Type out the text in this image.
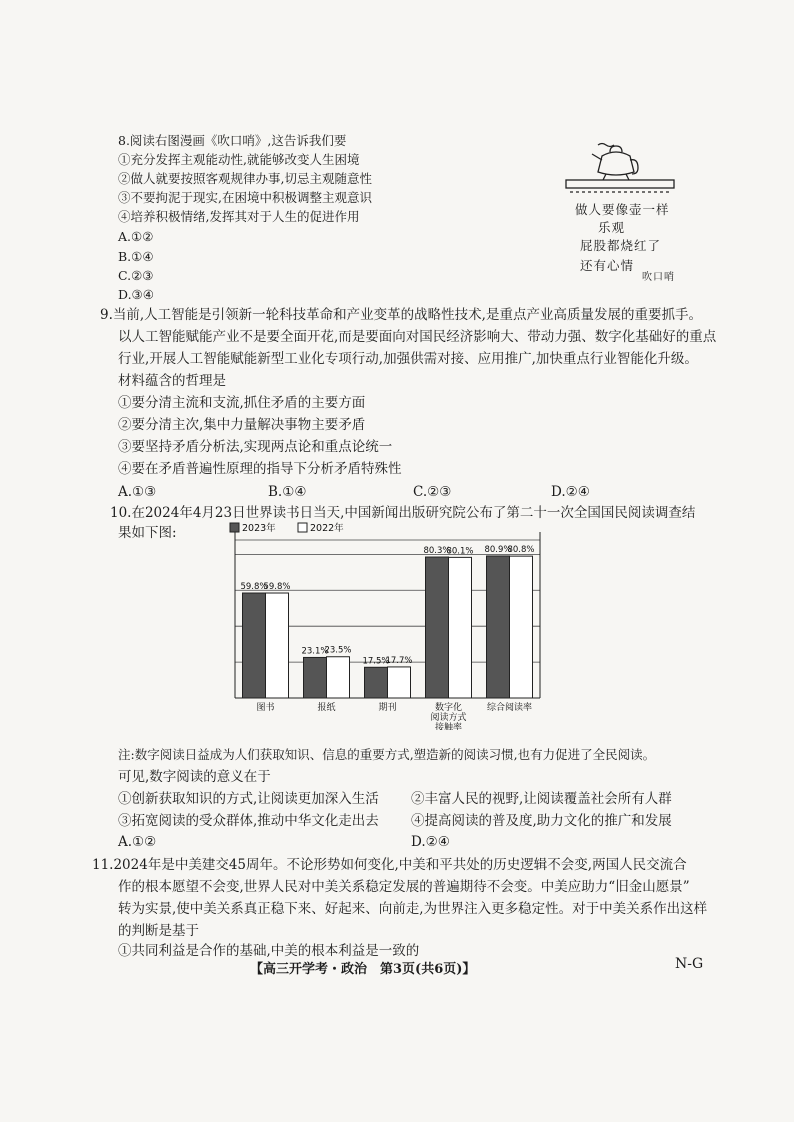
8.阅读右图漫画《吹口哨》,这告诉我们要
①充分发挥主观能动性,就能够改变人生困境
②做人就要按照客观规律办事,切忌主观随意性
③不要拘泥于现实,在困境中积极调整主观意识
④培养积极情绪,发挥其对于人生的促进作用
A.①②
B.①④
C.②③
D.③④
做人要像壶一样
乐观
屁股都烧红了
还有心情
吹口哨
9.当前,人工智能是引领新一轮科技革命和产业变革的战略性技术,是重点产业高质量发展的重要抓手。
以人工智能赋能产业不是要全面开花,而是要面向对国民经济影响大、带动力强、数字化基础好的重点
行业,开展人工智能赋能新型工业化专项行动,加强供需对接、应用推广,加快重点行业智能化升级。
材料蕴含的哲理是
①要分清主流和支流,抓住矛盾的主要方面
②要分清主次,集中力量解决事物主要矛盾
③要坚持矛盾分析法,实现两点论和重点论统一
④要在矛盾普遍性原理的指导下分析矛盾特殊性
A.①③	B.①④	C.②③	D.②④
10.在2024年4月23日世界读书日当天,中国新闻出版研究院公布了第二十一次全国国民阅读调查结
果如下图:	2023年	2022年
59.8%
59.8%
图书
23.1%
23.5%
报纸
17.5%
17.7%
期刊
80.3%
80.1%
数字化
阅读方式
接触率
80.9%
80.8%
综合阅读率
注:数字阅读日益成为人们获取知识、信息的重要方式,塑造新的阅读习惯,也有力促进了全民阅读。
可见,数字阅读的意义在于
①创新获取知识的方式,让阅读更加深入生活 ②丰富人民的视野,让阅读覆盖社会所有人群
③拓宽阅读的受众群体,推动中华文化走出去 ④提高阅读的普及度,助力文化的推广和发展
A.①②	D.②④
11.2024年是中美建交45周年。不论形势如何变化,中美和平共处的历史逻辑不会变,两国人民交流合
作的根本愿望不会变,世界人民对中美关系稳定发展的普遍期待不会变。中美应助力“旧金山愿景”
转为实景,使中美关系真正稳下来、好起来、向前走,为世界注入更多稳定性。对于中美关系作出这样
的判断是基于
①共同利益是合作的基础,中美的根本利益是一致的
【高三开学考・政治　第3页(共6页)】	N-G
